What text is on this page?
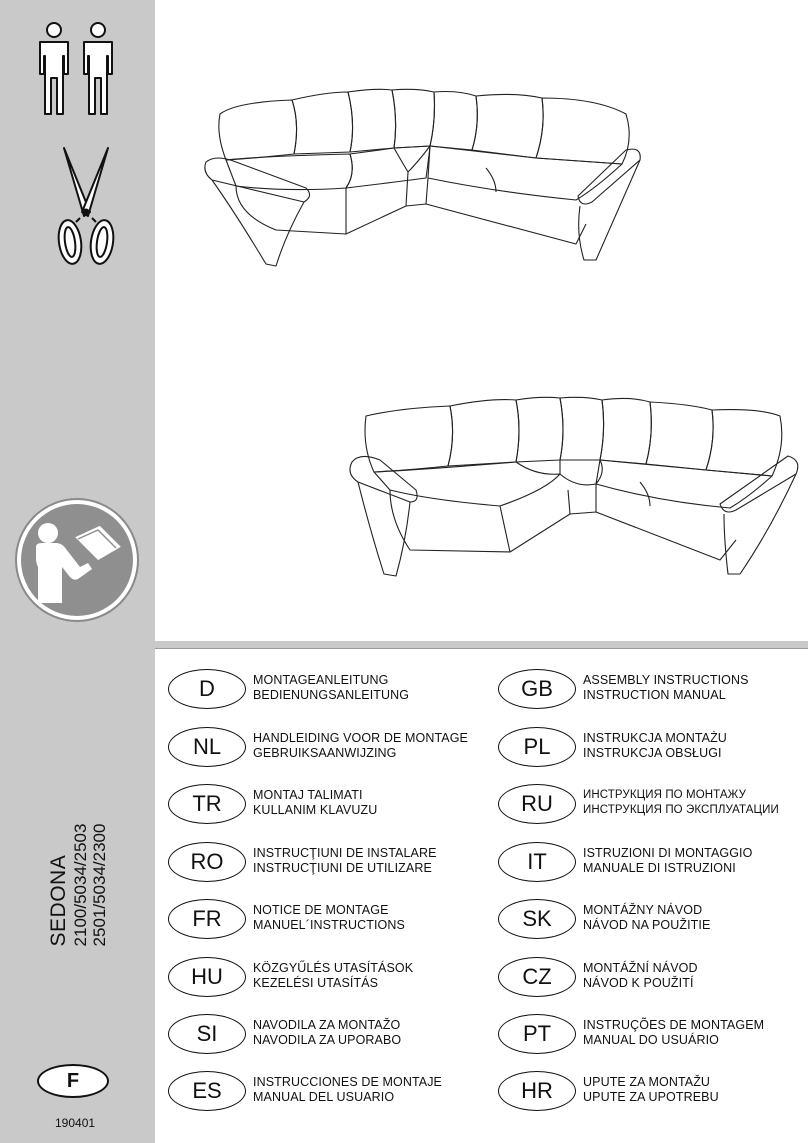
SEDONA 2100/5034/2503 2501/5034/2300
F
190401
D	MONTAGEANLEITUNG
BEDIENUNGSANLEITUNG
NL	HANDLEIDING VOOR DE MONTAGE
GEBRUIKSAANWIJZING
TR	MONTAJ TALIMATI
KULLANIM KLAVUZU
RO	INSTRUCŢIUNI DE INSTALARE
INSTRUCŢIUNI DE UTILIZARE
FR	NOTICE DE MONTAGE
MANUEL´INSTRUCTIONS
HU	KÖZGYŰLÉS UTASÍTÁSOK
KEZELÉSI UTASÍTÁS
SI	NAVODILA ZA MONTAŽO
NAVODILA ZA UPORABO
ES	INSTRUCCIONES DE MONTAJE
MANUAL DEL USUARIO
GB	ASSEMBLY INSTRUCTIONS
INSTRUCTION MANUAL
PL	INSTRUKCJA MONTAŻU
INSTRUKCJA OBSŁUGI
RU	ИНСТРУКЦИЯ ПО МОНТАЖУ
ИНСТРУКЦИЯ ПО ЭКСПЛУАТАЦИИ
IT	ISTRUZIONI DI MONTAGGIO
MANUALE DI ISTRUZIONI
SK	MONTÁŽNY NÁVOD
NÁVOD NA POUŽITIE
CZ	MONTÁŽNÍ NÁVOD
NÁVOD K POUŽITÍ
PT	INSTRUÇÕES DE MONTAGEM
MANUAL DO USUÁRIO
HR	UPUTE ZA MONTAŽU
UPUTE ZA UPOTREBU
